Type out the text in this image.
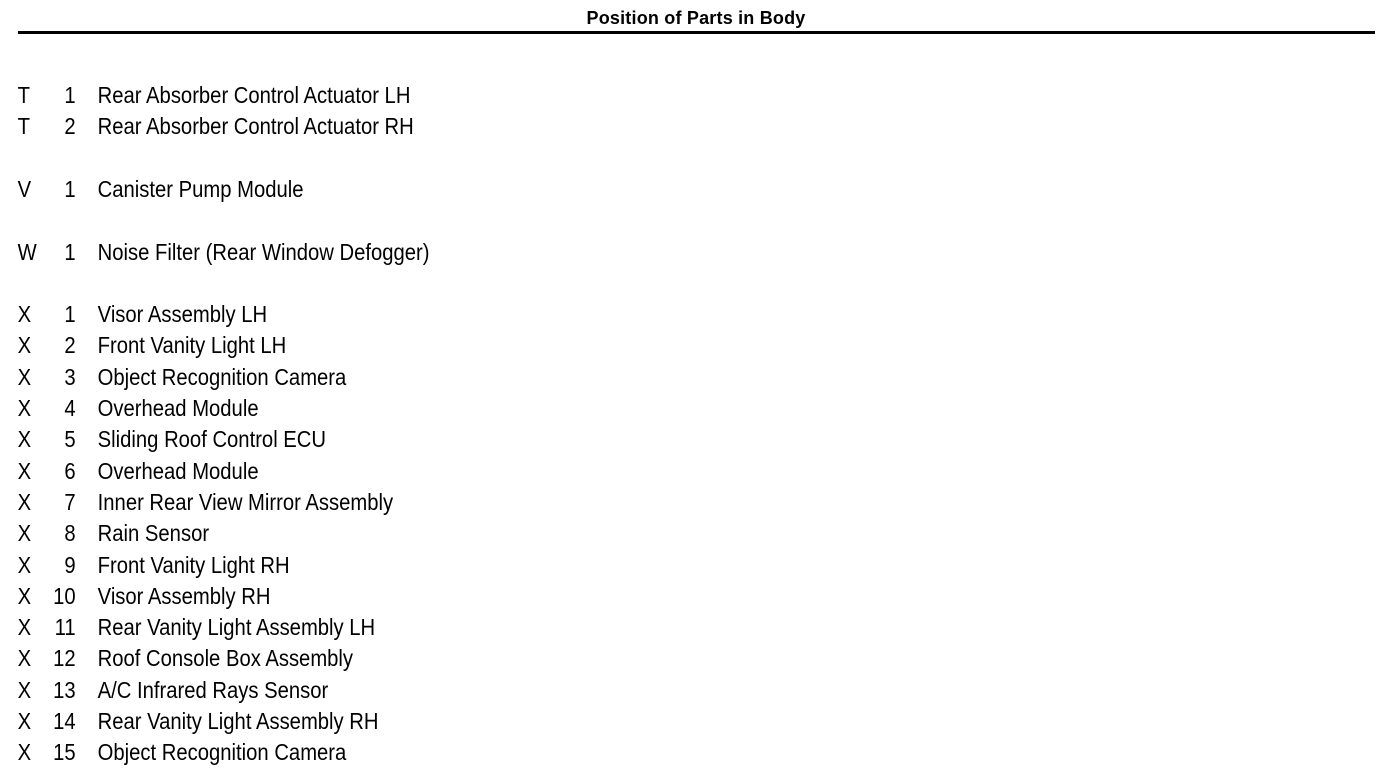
Position of Parts in Body
T	1 Rear Absorber Control Actuator LH
T	2 Rear Absorber Control Actuator RH
V	1 Canister Pump Module
W	1 Noise Filter (Rear Window Defogger)
X	1 Visor Assembly LH
X	2 Front Vanity Light LH
X	3 Object Recognition Camera
X	4 Overhead Module
X	5 Sliding Roof Control ECU
X	6 Overhead Module
X	7 Inner Rear View Mirror Assembly
X	8 Rain Sensor
X	9 Front Vanity Light RH
X 10 Visor Assembly RH
X	11 Rear Vanity Light Assembly LH
X 12 Roof Console Box Assembly
X 13 A/C Infrared Rays Sensor
X 14 Rear Vanity Light Assembly RH
X 15 Object Recognition Camera
